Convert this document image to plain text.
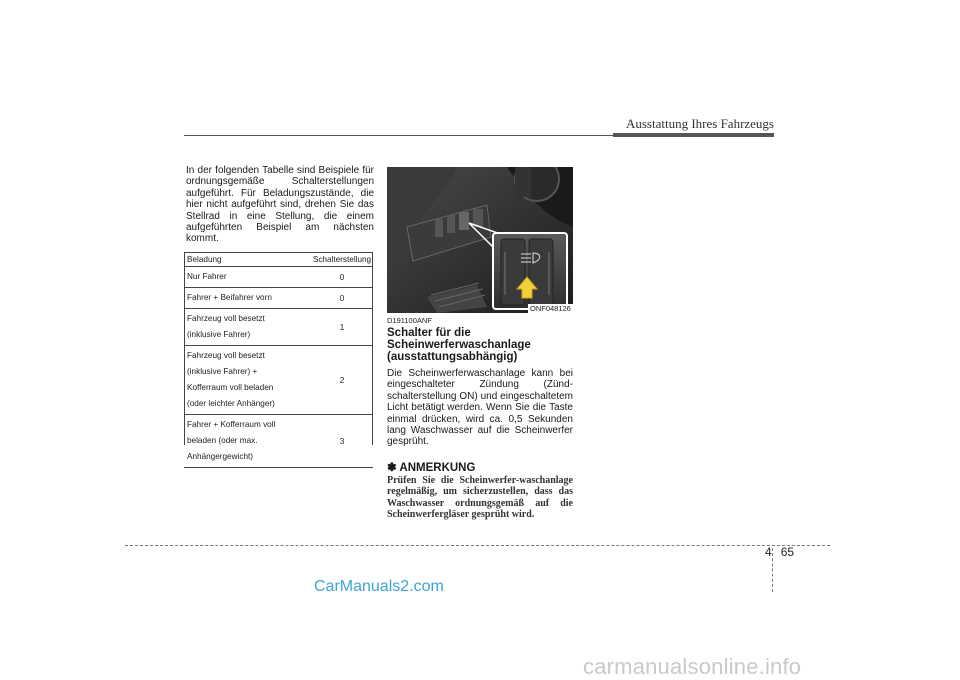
Ausstattung Ihres Fahrzeugs
In der folgenden Tabelle sind Beispiele für ordnungsgemäße Schalterstellungen aufgeführt. Für Beladungszustände, die hier nicht aufgeführt sind, drehen Sie das Stellrad in eine Stellung, die einem aufgeführten Beispiel am nächsten kommt.
Beladung	Schalterstellung

Nur Fahrer	0

Fahrer + Beifahrer vorn	0

Fahrzeug voll besetzt
(inklusive Fahrer)	1

Fahrzeug voll besetzt
(inklusive Fahrer) +
Kofferraum voll beladen
(oder leichter Anhänger)	2

Fahrer + Kofferraum voll
beladen (oder max.
Anhängergewicht)	3
ONF048126
D191100ANF
Schalter für die Scheinwerferwaschanlage (ausstattungsabhängig)
Die Scheinwerferwaschanlage kann bei eingeschalteter Zündung (Zünd-schalterstellung ON) und eingeschaltetem Licht betätigt werden. Wenn Sie die Taste einmal drücken, wird ca. 0,5 Sekunden lang Waschwasser auf die Scheinwerfer gesprüht.
✽ ANMERKUNG
Prüfen Sie die Scheinwerfer-waschanlage regelmäßig, um sicherzustellen, dass das Waschwasser ordnungsgemäß auf die Scheinwerfergläser gesprüht wird.
4 65
CarManuals2.com
carmanualsonline.info
